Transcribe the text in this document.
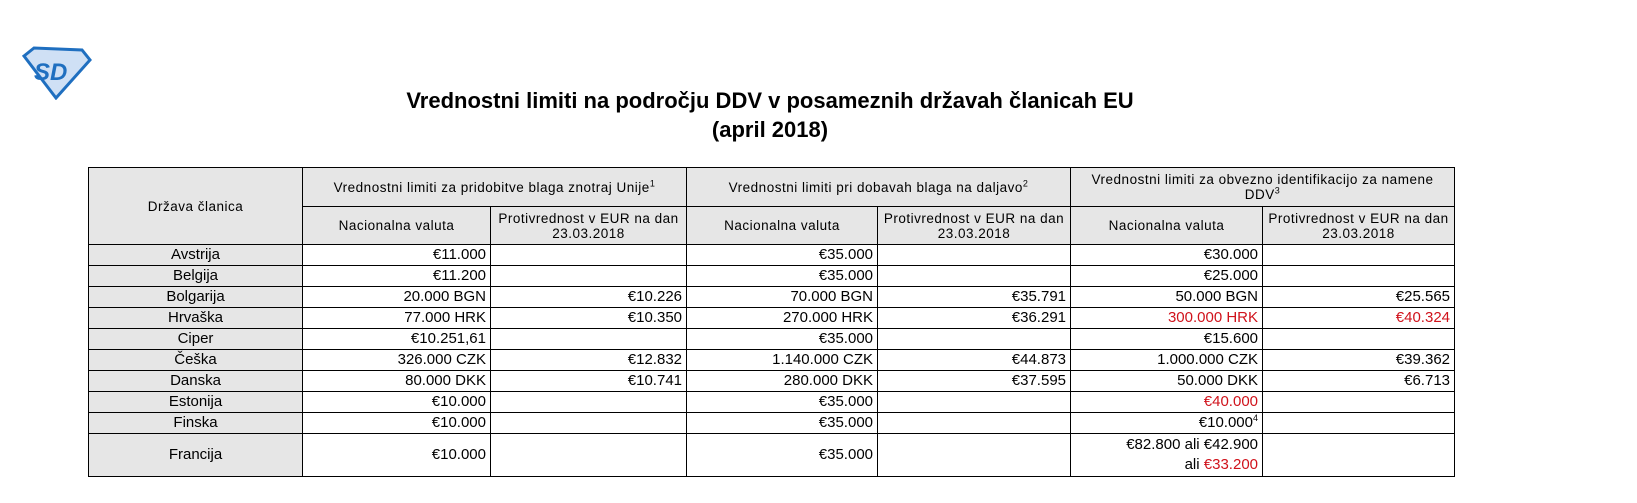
SD
Vrednostni limiti na področju DDV v posameznih državah članicah EU
(april 2018)
Država članica	Vrednostni limiti za pridobitve blaga znotraj Unije$^1$		Vrednostni limiti pri dobavah blaga na daljavo$^2$		Vrednostni limiti za obvezno identifikacijo za namene DDV$^3$
	Nacionalna valuta	Protivrednost v EUR na dan 23.03.2018	Nacionalna valuta	Protivrednost v EUR na dan 23.03.2018	Nacionalna valuta	Protivrednost v EUR na dan 23.03.2018
Avstrija	€11.000		€35.000		€30.000	
Belgija	€11.200		€35.000		€25.000	
Bolgarija	20.000 BGN	€10.226	70.000 BGN	€35.791	50.000 BGN	€25.565
Hrvaška	77.000 HRK	€10.350	270.000 HRK	€36.291	300.000 HRK	€40.324
Ciper	€10.251,61		€35.000		€15.600	
Češka	326.000 CZK	€12.832	1.140.000 CZK	€44.873	1.000.000 CZK	€39.362
Danska	80.000 DKK	€10.741	280.000 DKK	€37.595	50.000 DKK	€6.713
Estonija	€10.000		€35.000		€40.000	
Finska	€10.000		€35.000		€10.000$^4$	
Francija	€10.000		€35.000		€82.800 ali €42.900
ali €33.200	
